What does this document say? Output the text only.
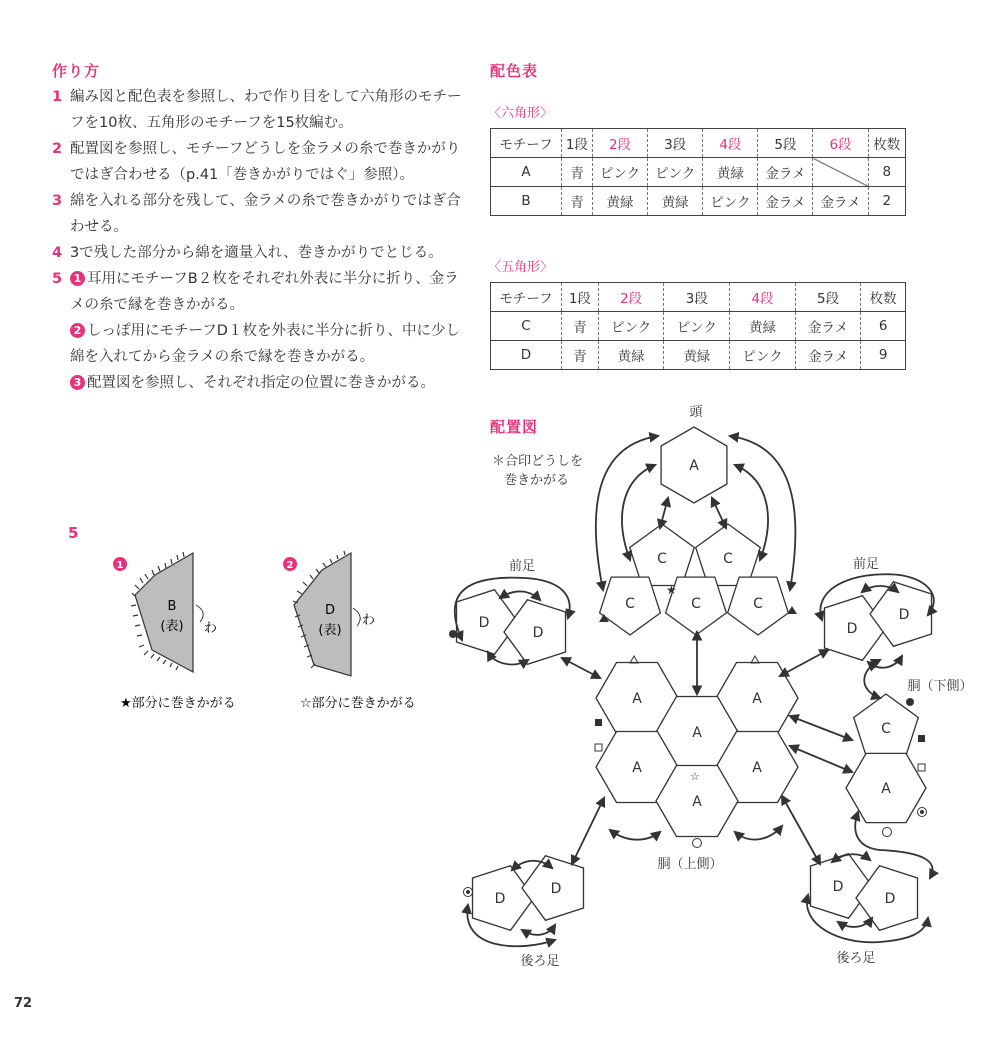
作り方
1 編み図と配色表を参照し、わで作り目をして六角形のモチーフを10枚、五角形のモチーフを15枚編む。
2 配置図を参照し、モチーフどうしを金ラメの糸で巻きかがりではぎ合わせる（p.41「巻きかがりではぐ」参照）。
3 綿を入れる部分を残して、金ラメの糸で巻きかがりではぎ合わせる。
4 3で残した部分から綿を適量入れ、巻きかがりでとじる。
5 1 耳用にモチーフB２枚をそれぞれ外表に半分に折り、金ラメの糸で縁を巻きかがる。
2 しっぽ用にモチーフD１枚を外表に半分に折り、中に少し綿を入れてから金ラメの糸で縁を巻きかがる。
3 配置図を参照し、それぞれ指定の位置に巻きかがる。
5
1
B
(表) わ
★部分に巻きかがる
2
D
(表)
わ
☆部分に巻きかがる
配色表
〈六角形〉
モチーフ	1段	2段	3段	4段	5段	6段	枚数
A	青	ピンク	ピンク	黄緑	金ラメ		8
B	青	黄緑	黄緑	ピンク	金ラメ	金ラメ	2
〈五角形〉
モチーフ	1段	2段	3段	4段	5段	枚数
C	青	ピンク	ピンク	黄緑	金ラメ	6
D	青	黄緑	黄緑	ピンク	金ラメ	9
配置図
＊合印どうしを
巻きかがる
A
A	A
A
A	A
A
C	C
C	C	C
D
D	D
D
C
A
D
D	D
D
★
☆
頭
前足	前足
胴（下側）
胴（上側）
後ろ足	後ろ足
72
